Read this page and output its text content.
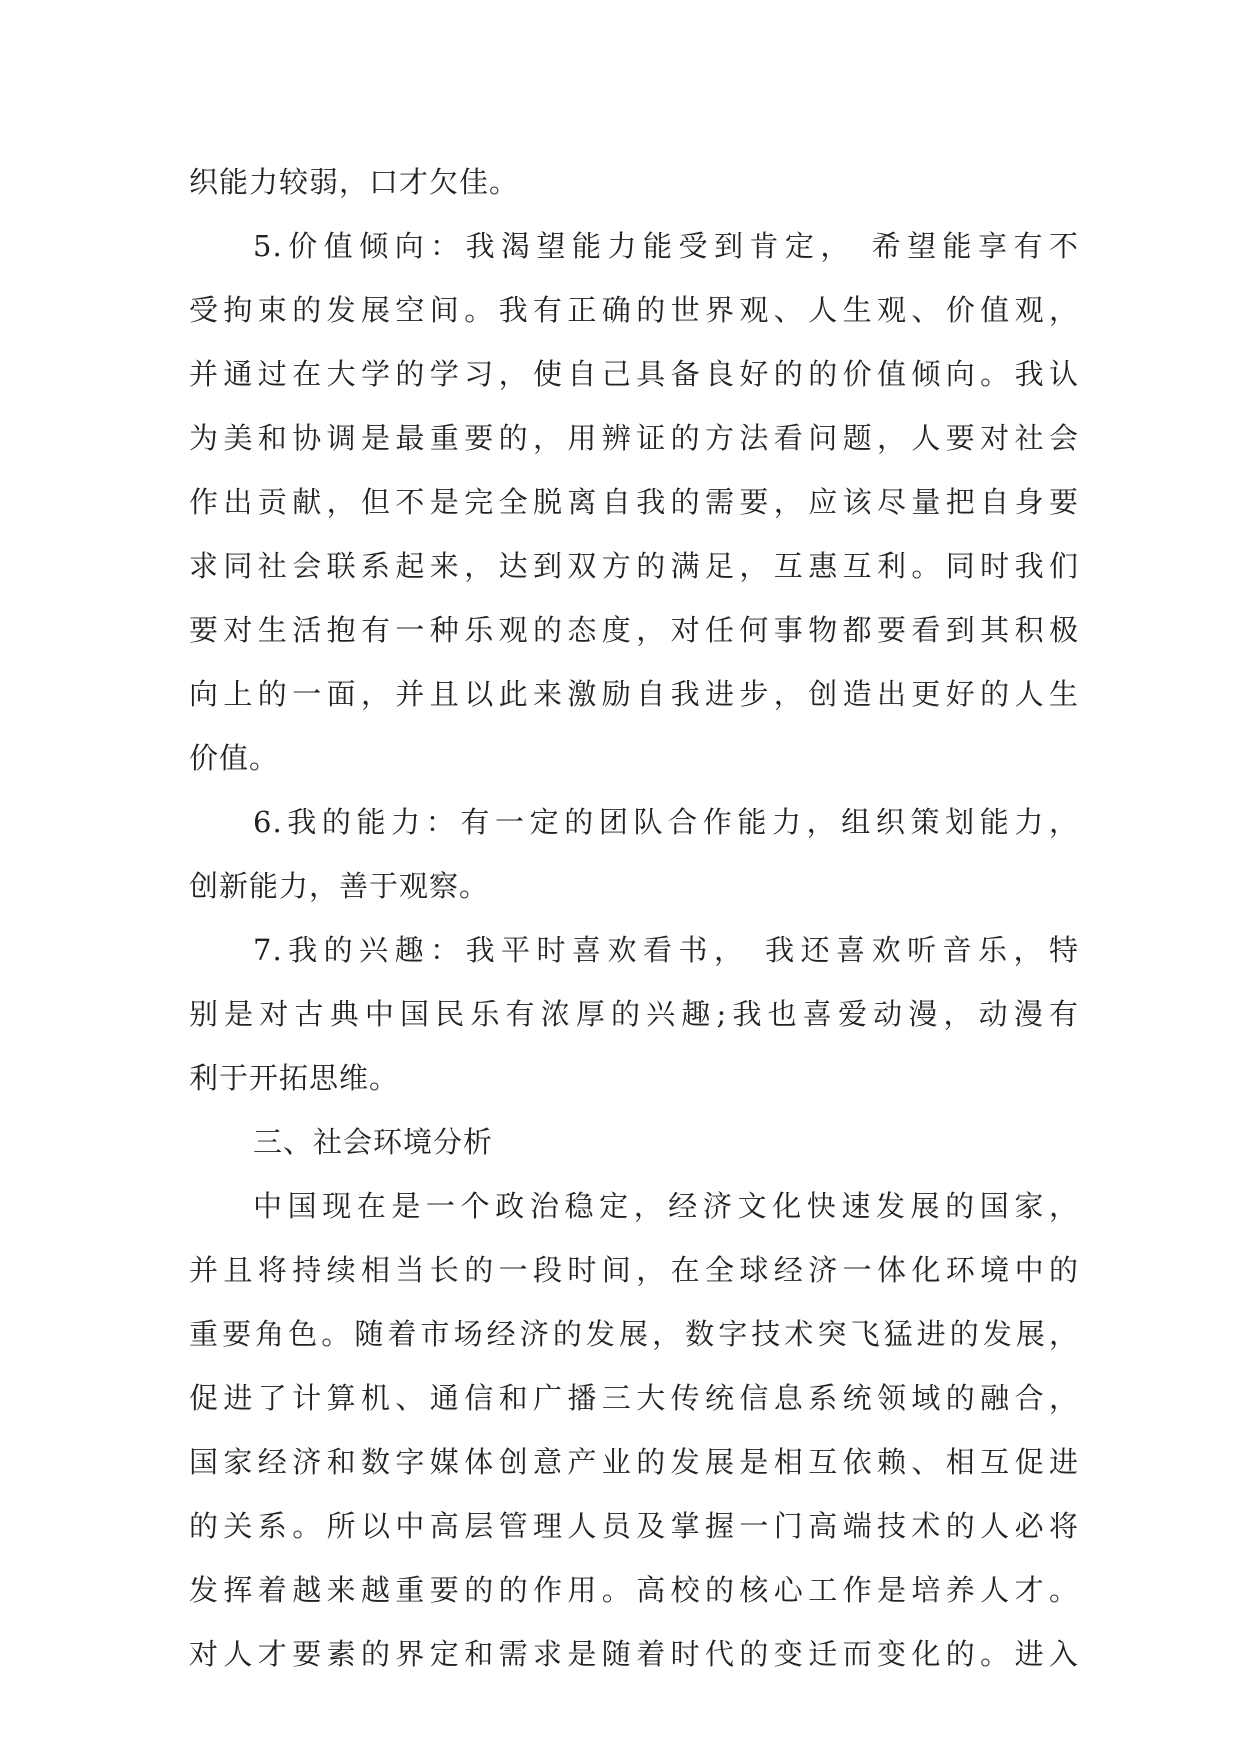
织能力较弱，口才欠佳。
5.价值倾向：我渴望能力能受到肯定， 希望能享有不
受拘束的发展空间。我有正确的世界观、人生观、价值观，
并通过在大学的学习，使自己具备良好的的价值倾向。我认
为美和协调是最重要的，用辨证的方法看问题，人要对社会
作出贡献，但不是完全脱离自我的需要，应该尽量把自身要
求同社会联系起来，达到双方的满足，互惠互利。同时我们
要对生活抱有一种乐观的态度，对任何事物都要看到其积极
向上的一面，并且以此来激励自我进步，创造出更好的人生
价值。
6.我的能力：有一定的团队合作能力，组织策划能力，
创新能力，善于观察。
7.我的兴趣：我平时喜欢看书， 我还喜欢听音乐，特
别是对古典中国民乐有浓厚的兴趣;我也喜爱动漫，动漫有
利于开拓思维。
三、社会环境分析
中国现在是一个政治稳定，经济文化快速发展的国家，
并且将持续相当长的一段时间，在全球经济一体化环境中的
重要角色。随着市场经济的发展，数字技术突飞猛进的发展，
促进了计算机、通信和广播三大传统信息系统领域的融合，
国家经济和数字媒体创意产业的发展是相互依赖、相互促进
的关系。所以中高层管理人员及掌握一门高端技术的人必将
发挥着越来越重要的的作用。高校的核心工作是培养人才。
对人才要素的界定和需求是随着时代的变迁而变化的。进入
